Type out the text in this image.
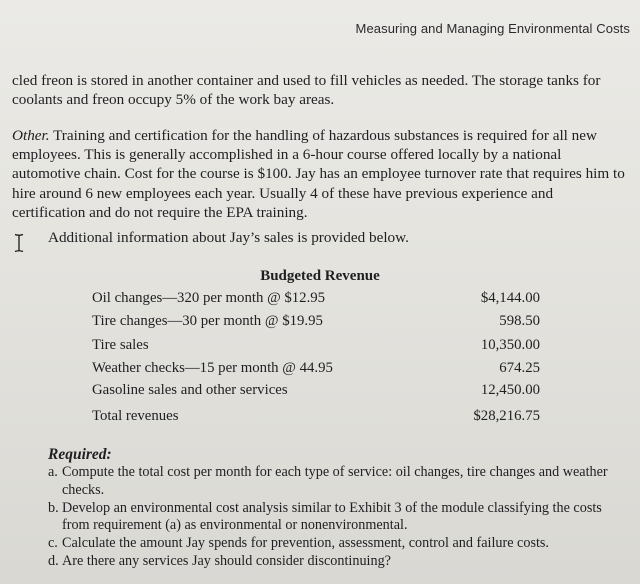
Measuring and Managing Environmental Costs

cled freon is stored in another container and used to fill vehicles as needed. The storage tanks for coolants and freon occupy 5% of the work bay areas.

Other. Training and certification for the handling of hazardous substances is required for all new employees. This is generally accomplished in a 6-hour course offered locally by a national automotive chain. Cost for the course is $100. Jay has an employee turnover rate that requires him to hire around 6 new employees each year. Usually 4 of these have previous experience and certification and do not require the EPA training.

Additional information about Jay’s sales is provided below.
Budgeted Revenue
Oil changes—320 per month @ $12.95	$4,144.00
Tire changes—30 per month @ $19.95	598.50
Tire sales	10,350.00
Weather checks—15 per month @ 44.95	674.25
Gasoline sales and other services	12,450.00
Total revenues	$28,216.75
Required:
a. Compute the total cost per month for each type of service: oil changes, tire changes and weather checks.
b. Develop an environmental cost analysis similar to Exhibit 3 of the module classifying the costs from requirement (a) as environmental or nonenvironmental.
c. Calculate the amount Jay spends for prevention, assessment, control and failure costs.
d. Are there any services Jay should consider discontinuing?
